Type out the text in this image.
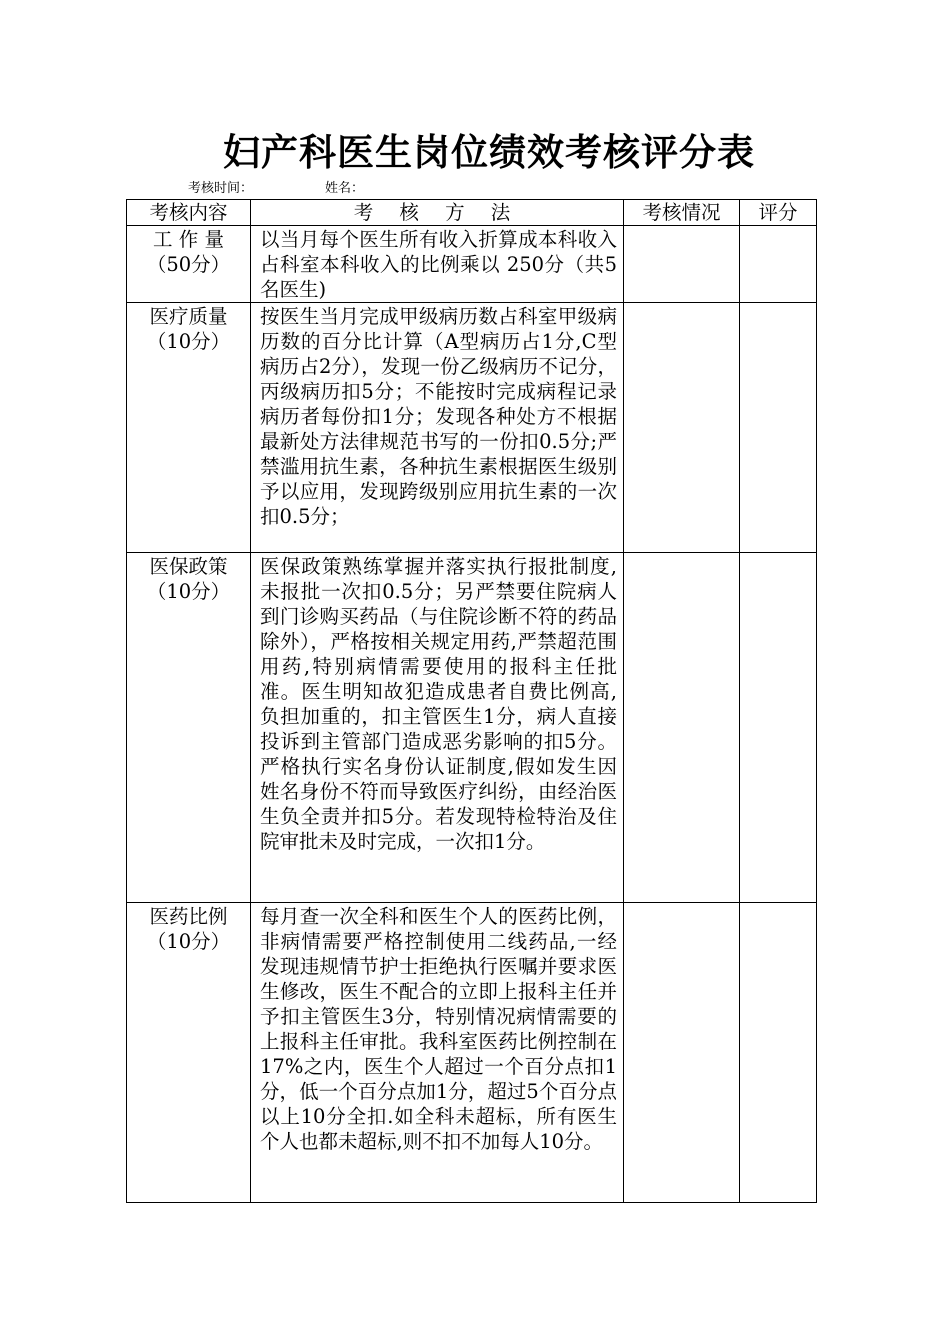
妇产科医生岗位绩效考核评分表
考核时间：	姓名：
考核内容	考 核 方 法	考核情况	评分

工 作 量
（50分）	以当月每个医生所有收入折算成本科收入占科室本科收入的比例乘以 250分（共5名医生)		

医疗质量
（10分）	按医生当月完成甲级病历数占科室甲级病历数的百分比计算（A型病历占1分,C型病历占2分），发现一份乙级病历不记分，丙级病历扣5分；不能按时完成病程记录病历者每份扣1分；发现各种处方不根据最新处方法律规范书写的一份扣0.5分;严禁滥用抗生素，各种抗生素根据医生级别予以应用，发现跨级别应用抗生素的一次扣0.5分；		

医保政策
（10分）	医保政策熟练掌握并落实执行报批制度,未报批一次扣0.5分；另严禁要住院病人到门诊购买药品（与住院诊断不符的药品除外），严格按相关规定用药,严禁超范围用药,特别病情需要使用的报科主任批准。医生明知故犯造成患者自费比例高,负担加重的，扣主管医生1分，病人直接投诉到主管部门造成恶劣影响的扣5分。严格执行实名身份认证制度,假如发生因姓名身份不符而导致医疗纠纷，由经治医生负全责并扣5分。若发现特检特治及住院审批未及时完成，一次扣1分。		

医药比例
（10分）	每月查一次全科和医生个人的医药比例，非病情需要严格控制使用二线药品,一经发现违规情节护士拒绝执行医嘱并要求医生修改，医生不配合的立即上报科主任并予扣主管医生3分，特别情况病情需要的上报科主任审批。我科室医药比例控制在17%之内，医生个人超过一个百分点扣1分，低一个百分点加1分，超过5个百分点以上10分全扣.如全科未超标，所有医生个人也都未超标,则不扣不加每人10分。		
